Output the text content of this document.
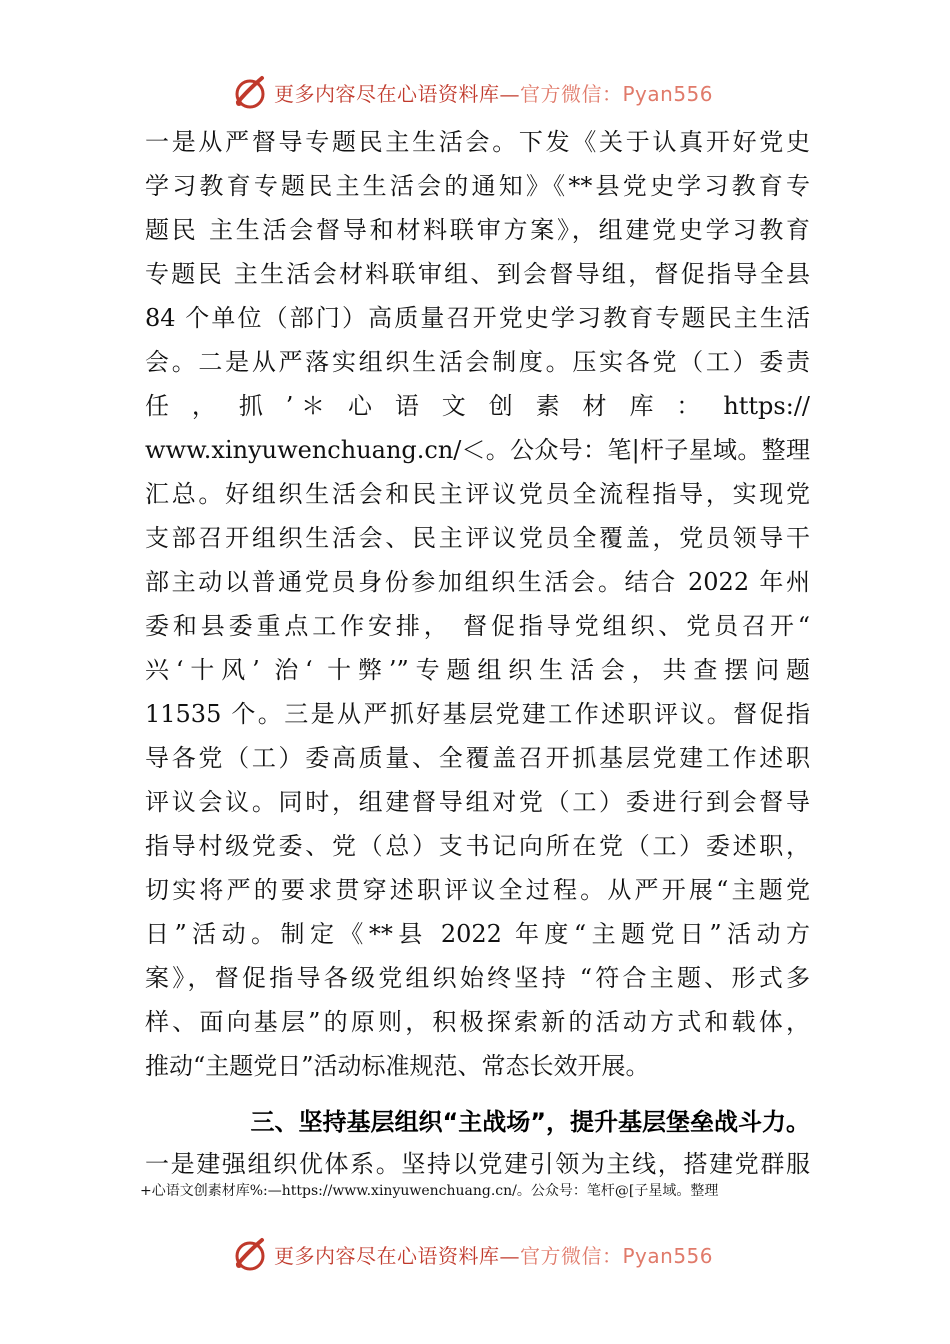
更多内容尽在心语资料库—官方微信：Pyan556
一是从严督导专题民主生活会。下发《关于认真开好党史
学习教育专题民主生活会的通知》《**县党史学习教育专
题民 主生活会督导和材料联审方案》，组建党史学习教育
专题民 主生活会材料联审组、到会督导组，督促指导全县
84 个单位（部门）高质量召开党史学习教育专题民主生活
会。二是从严落实组织生活会制度。压实各党（工）委责
任 ， 抓 ’＊ 心 语 文 创 素 材 库 ： https://
www.xinyuwenchuang.cn/＜。公众号：笔|杆子星域。整理
汇总。好组织生活会和民主评议党员全流程指导，实现党
支部召开组织生活会、民主评议党员全覆盖，党员领导干
部主动以普通党员身份参加组织生活会。结合 2022 年州
委和县委重点工作安排， 督促指导党组织、党员召开“
兴‘十风’ 治‘ 十弊’”专题组织生活会，共查摆问题
11535 个。三是从严抓好基层党建工作述职评议。督促指
导各党（工）委高质量、全覆盖召开抓基层党建工作述职
评议会议。同时，组建督导组对党（工）委进行到会督导
指导村级党委、党（总）支书记向所在党（工）委述职，
切实将严的要求贯穿述职评议全过程。从严开展“主题党
日”活动。制定《**县 2022 年度“主题党日”活动方
案》，督促指导各级党组织始终坚持 “符合主题、形式多
样、面向基层”的原则，积极探索新的活动方式和载体，
推动“主题党日”活动标准规范、常态长效开展。
三、坚持基层组织“主战场”，提升基层堡垒战斗力。
一是建强组织优体系。坚持以党建引领为主线，搭建党群服
+心语文创素材库%:—https://www.xinyuwenchuang.cn/。公众号：笔杆@[子星域。整理
更多内容尽在心语资料库—官方微信：Pyan556
